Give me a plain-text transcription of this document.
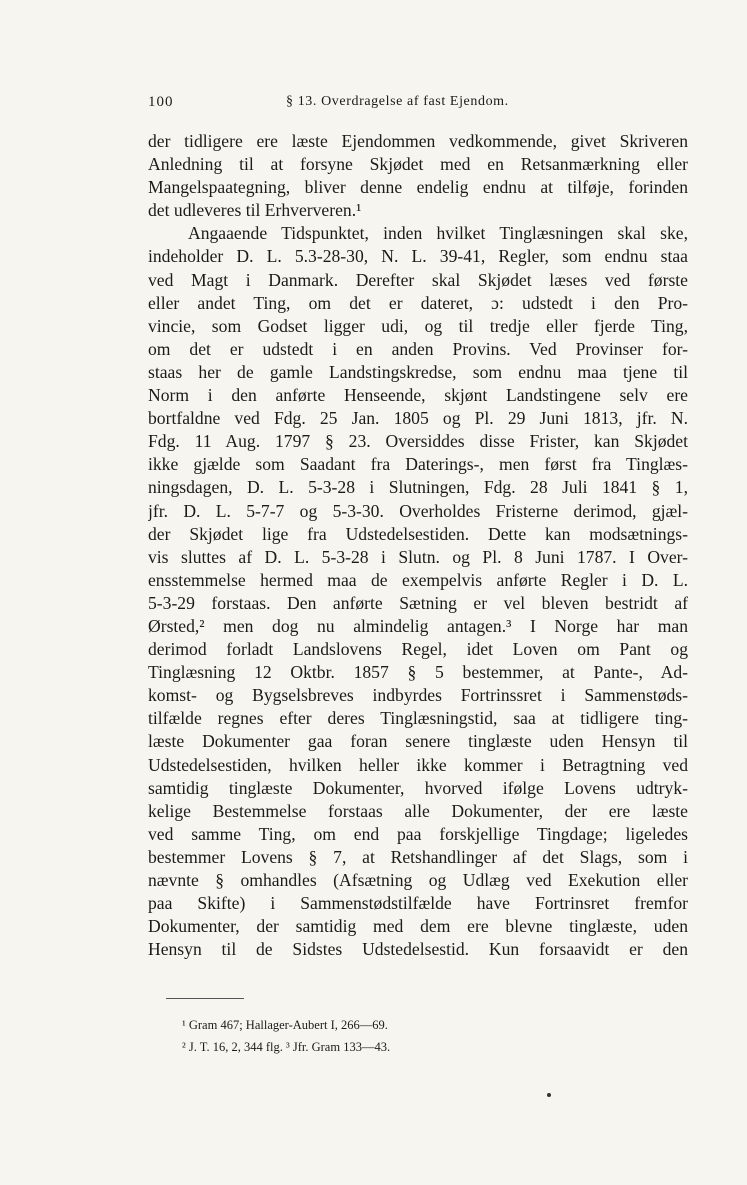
100	§ 13. Overdragelse af fast Ejendom.
der tidligere ere læste Ejendommen vedkommende, givet Skriveren
Anledning til at forsyne Skjødet med en Retsanmærkning eller
Mangelspaategning, bliver denne endelig endnu at tilføje, forinden
det udleveres til Erhververen.¹
Angaaende Tidspunktet, inden hvilket Tinglæsningen skal ske,
indeholder D. L. 5.3-28-30, N. L. 39-41, Regler, som endnu staa
ved Magt i Danmark. Derefter skal Skjødet læses ved første
eller andet Ting, om det er dateret, ɔ: udstedt i den Pro-
vincie, som Godset ligger udi, og til tredje eller fjerde Ting,
om det er udstedt i en anden Provins. Ved Provinser for-
staas her de gamle Landstingskredse, som endnu maa tjene til
Norm i den anførte Henseende, skjønt Landstingene selv ere
bortfaldne ved Fdg. 25 Jan. 1805 og Pl. 29 Juni 1813, jfr. N.
Fdg. 11 Aug. 1797 § 23. Oversiddes disse Frister, kan Skjødet
ikke gjælde som Saadant fra Daterings-, men først fra Tinglæs-
ningsdagen, D. L. 5-3-28 i Slutningen, Fdg. 28 Juli 1841 § 1,
jfr. D. L. 5-7-7 og 5-3-30. Overholdes Fristerne derimod, gjæl-
der Skjødet lige fra Udstedelsestiden. Dette kan modsætnings-
vis sluttes af D. L. 5-3-28 i Slutn. og Pl. 8 Juni 1787. I Over-
ensstemmelse hermed maa de exempelvis anførte Regler i D. L.
5-3-29 forstaas. Den anførte Sætning er vel bleven bestridt af
Ørsted,² men dog nu almindelig antagen.³ I Norge har man
derimod forladt Landslovens Regel, idet Loven om Pant og
Tinglæsning 12 Oktbr. 1857 § 5 bestemmer, at Pante-, Ad-
komst- og Bygselsbreves indbyrdes Fortrinssret i Sammenstøds-
tilfælde regnes efter deres Tinglæsningstid, saa at tidligere ting-
læste Dokumenter gaa foran senere tinglæste uden Hensyn til
Udstedelsestiden, hvilken heller ikke kommer i Betragtning ved
samtidig tinglæste Dokumenter, hvorved ifølge Lovens udtryk-
kelige Bestemmelse forstaas alle Dokumenter, der ere læste
ved samme Ting, om end paa forskjellige Tingdage; ligeledes
bestemmer Lovens § 7, at Retshandlinger af det Slags, som i
nævnte § omhandles (Afsætning og Udlæg ved Exekution eller
paa Skifte) i Sammenstødstilfælde have Fortrinsret fremfor
Dokumenter, der samtidig med dem ere blevne tinglæste, uden
Hensyn til de Sidstes Udstedelsestid. Kun forsaavidt er den
¹ Gram 467; Hallager-Aubert I, 266—69.
² J. T. 16, 2, 344 flg. ³ Jfr. Gram 133—43.
